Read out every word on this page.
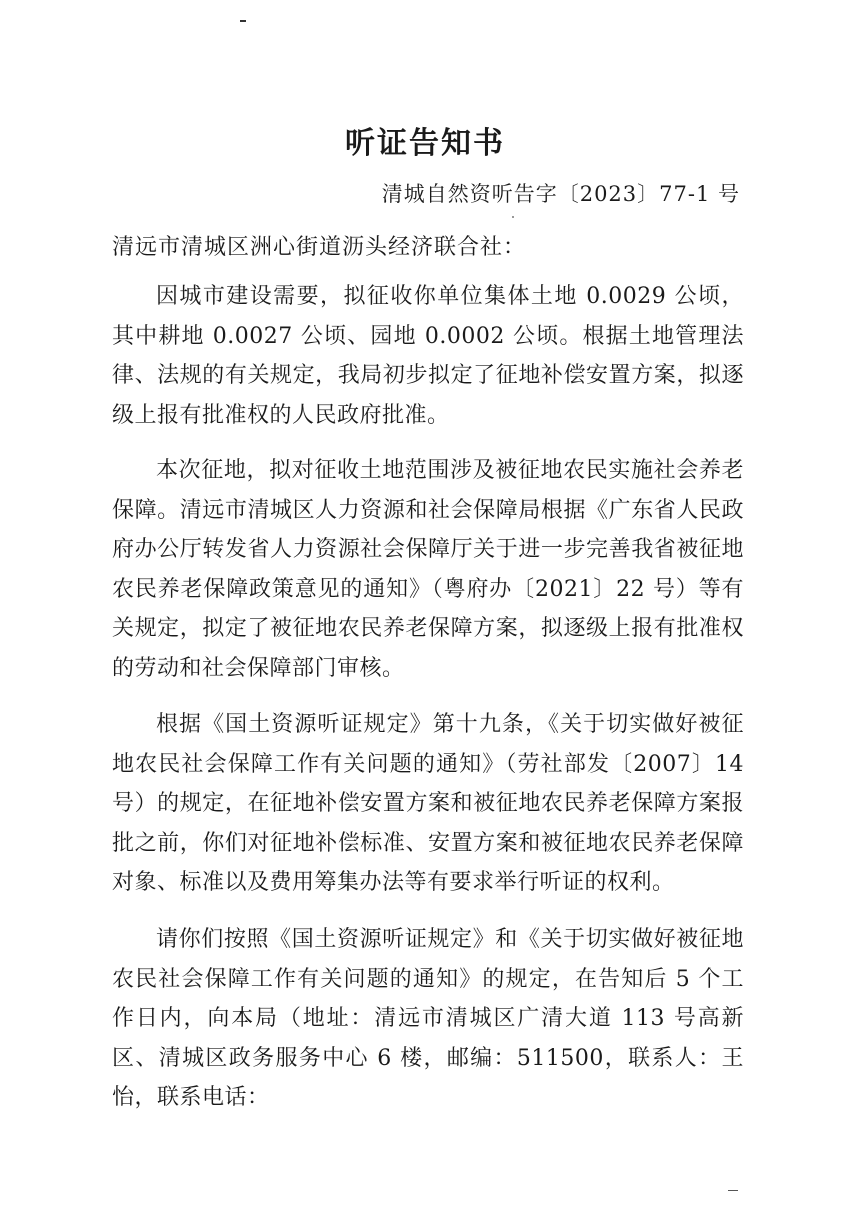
听证告知书
清城自然资听告字〔2023〕77-1 号
清远市清城区洲心街道沥头经济联合社：

因城市建设需要，拟征收你单位集体土地 0.0029 公顷，其中耕地 0.0027 公顷、园地 0.0002 公顷。根据土地管理法律、法规的有关规定，我局初步拟定了征地补偿安置方案，拟逐级上报有批准权的人民政府批准。

本次征地，拟对征收土地范围涉及被征地农民实施社会养老保障。清远市清城区人力资源和社会保障局根据《广东省人民政府办公厅转发省人力资源社会保障厅关于进一步完善我省被征地农民养老保障政策意见的通知》（粤府办〔2021〕22 号）等有关规定，拟定了被征地农民养老保障方案，拟逐级上报有批准权的劳动和社会保障部门审核。

根据《国土资源听证规定》第十九条，《关于切实做好被征地农民社会保障工作有关问题的通知》（劳社部发〔2007〕14 号）的规定，在征地补偿安置方案和被征地农民养老保障方案报批之前，你们对征地补偿标准、安置方案和被征地农民养老保障对象、标准以及费用筹集办法等有要求举行听证的权利。

请你们按照《国土资源听证规定》和《关于切实做好被征地农民社会保障工作有关问题的通知》的规定，在告知后 5 个工作日内，向本局（地址：清远市清城区广清大道 113 号高新区、清城区政务服务中心 6 楼，邮编：511500，联系人：王怡，联系电话：
